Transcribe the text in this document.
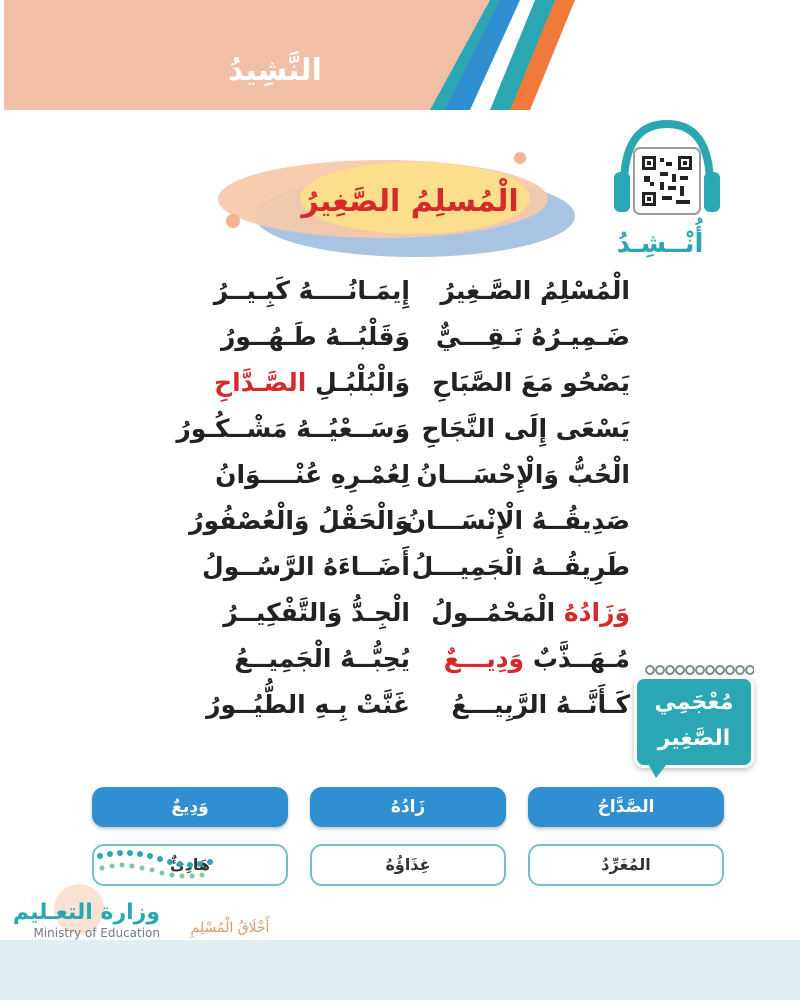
النَّشِيدُ
أُنْــشِـدُ
الْمُسلِمُ الصَّغِيرُ
الْمُسْلِمُ الصَّـغِيرُ
إِيمَـانُــــهُ كَبِـيــرُ
ضَـمِيـرُهُ نَـقِـــيٌّ
وَقَلْبُــهُ طَـهُــورُ
يَصْحُو مَعَ الصَّبَاحِ
وَالْبُلْبُـلِ الصَّـدَّاحِ
يَسْعَى إِلَى النَّجَاحِ
وَسَــعْيُــهُ مَشْــكُـورُ
الْحُبُّ وَالْإِحْسَـــانُ
لِعُمْـرِهِ عُنْــــوَانُ
صَدِيقُــهُ الْإِنْسَـــانُ
وَالْحَقْلُ وَالْعُصْفُورُ
طَرِيقُــهُ الْجَمِيـــلُ
أَضَــاءَهُ الرَّسُــولُ
وَزَادُهُ الْمَحْمُــولُ
الْجِـدُّ وَالتَّفْكِيــرُ
مُـهَــذَّبٌ وَدِيـــعٌ
يُحِبُّــهُ الْجَمِيــعُ
كَـأَنَّــهُ الرَّبِيـــعُ
غَنَّتْ بِـهِ الطُّيُــورُ	مُعْجَمِي
الصَّغِير
الصَّدَّاحُ
زَادُهُ
وَدِيعٌ
المُغَرِّدُ
غِذَاؤُهُ
وزارة التعـليم
Ministry of Education	أَخْلَاقُ الْمُسْلِمِ
